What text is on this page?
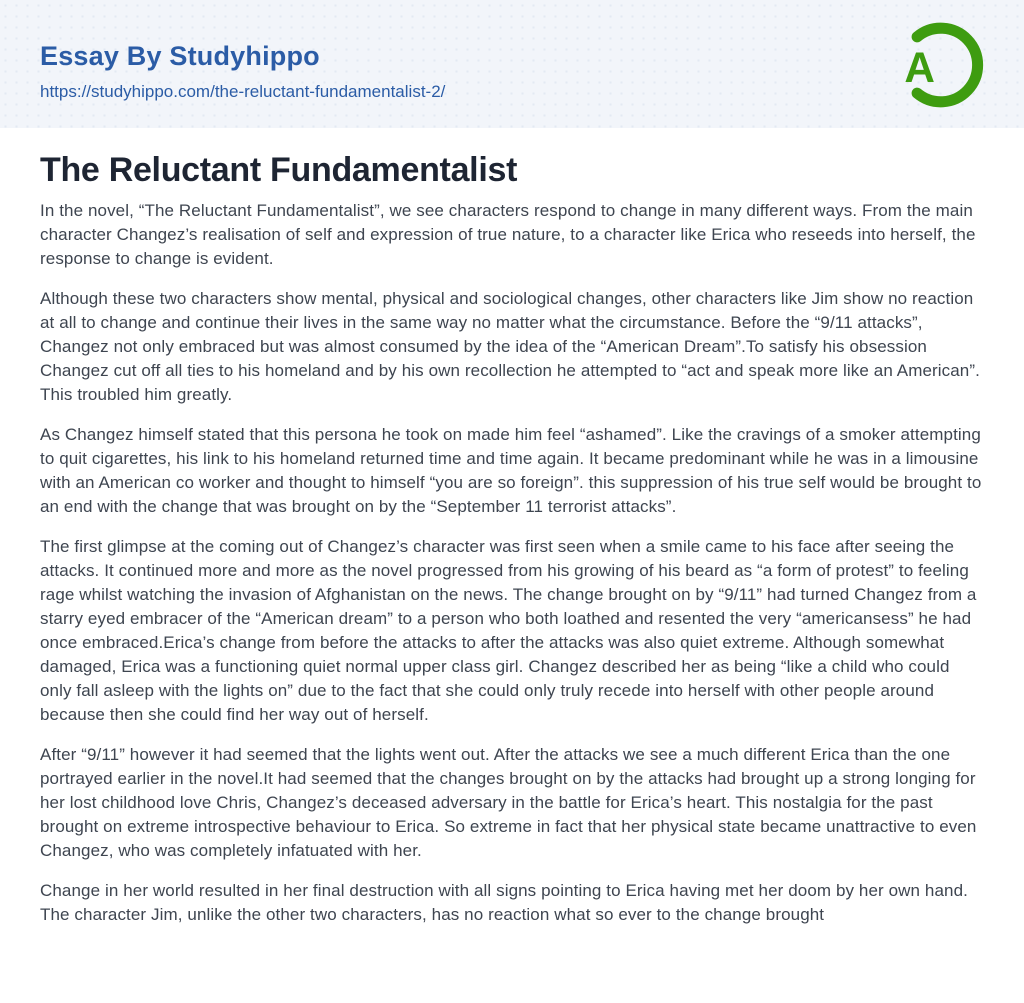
Essay By Studyhippo
https://studyhippo.com/the-reluctant-fundamentalist-2/
A
The Reluctant Fundamentalist

In the novel, “The Reluctant Fundamentalist”, we see characters respond to change in many different ways. From the main character Changez’s realisation of self and expression of true nature, to a character like Erica who reseeds into herself, the response to change is evident.

Although these two characters show mental, physical and sociological changes, other characters like Jim show no reaction at all to change and continue their lives in the same way no matter what the circumstance. Before the “9/11 attacks”, Changez not only embraced but was almost consumed by the idea of the “American Dream”.To satisfy his obsession Changez cut off all ties to his homeland and by his own recollection he attempted to “act and speak more like an American”. This troubled him greatly.

As Changez himself stated that this persona he took on made him feel “ashamed”. Like the cravings of a smoker attempting to quit cigarettes, his link to his homeland returned time and time again. It became predominant while he was in a limousine with an American co worker and thought to himself “you are so foreign”. this suppression of his true self would be brought to an end with the change that was brought on by the “September 11 terrorist attacks”.

The first glimpse at the coming out of Changez’s character was first seen when a smile came to his face after seeing the attacks. It continued more and more as the novel progressed from his growing of his beard as “a form of protest” to feeling rage whilst watching the invasion of Afghanistan on the news. The change brought on by “9/11” had turned Changez from a starry eyed embracer of the “American dream” to a person who both loathed and resented the very “americansess” he had once embraced.Erica’s change from before the attacks to after the attacks was also quiet extreme. Although somewhat damaged, Erica was a functioning quiet normal upper class girl. Changez described her as being “like a child who could only fall asleep with the lights on” due to the fact that she could only truly recede into herself with other people around because then she could find her way out of herself.

After “9/11” however it had seemed that the lights went out. After the attacks we see a much different Erica than the one portrayed earlier in the novel.It had seemed that the changes brought on by the attacks had brought up a strong longing for her lost childhood love Chris, Changez’s deceased adversary in the battle for Erica’s heart. This nostalgia for the past brought on extreme introspective behaviour to Erica. So extreme in fact that her physical state became unattractive to even Changez, who was completely infatuated with her.

Change in her world resulted in her final destruction with all signs pointing to Erica having met her doom by her own hand. The character Jim, unlike the other two characters, has no reaction what so ever to the change brought
